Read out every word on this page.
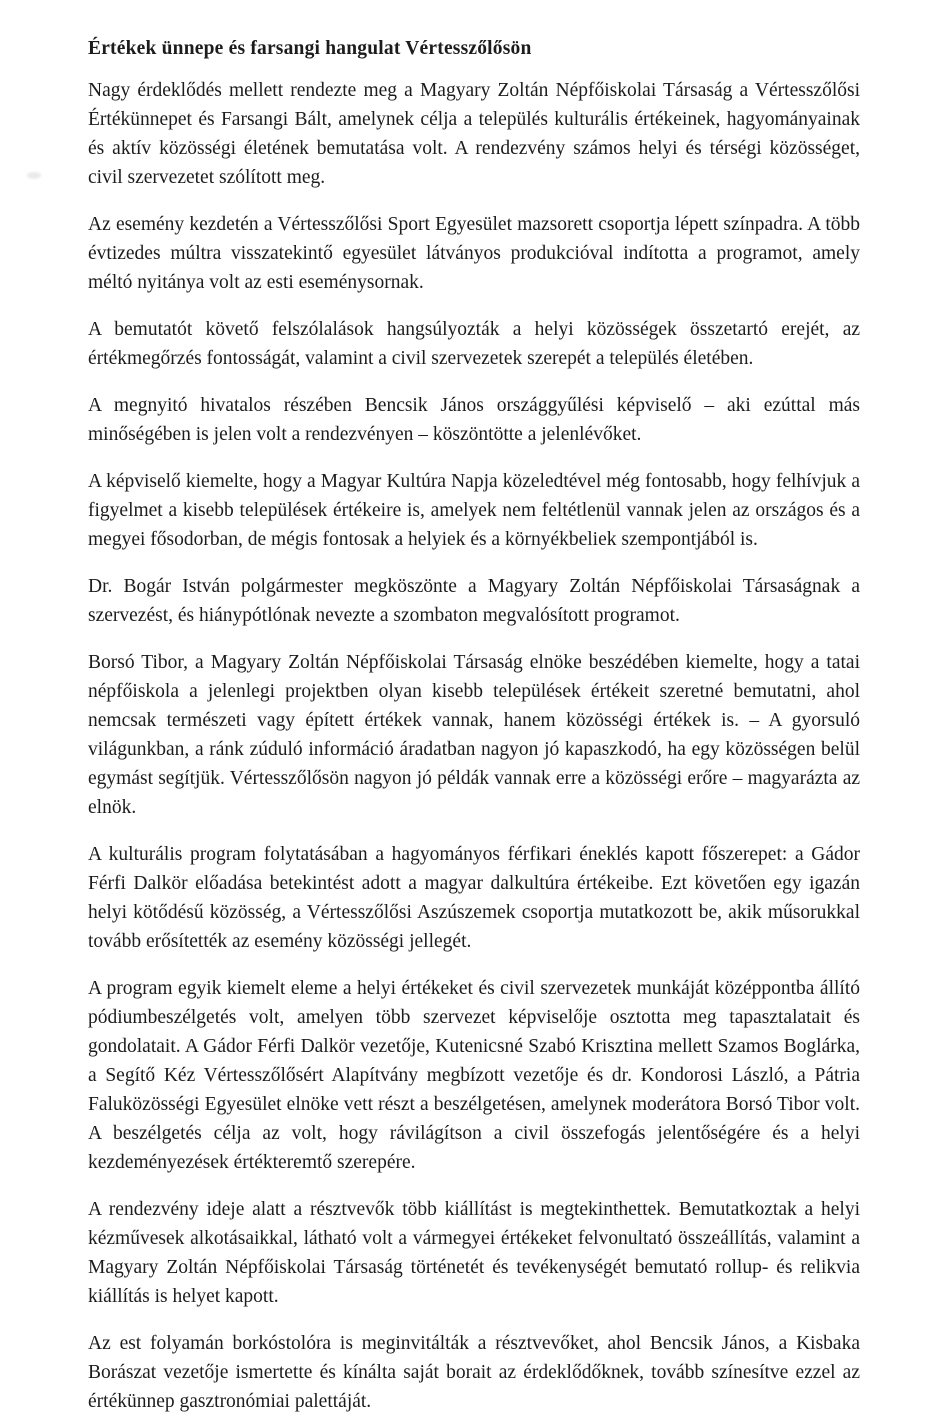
Értékek ünnepe és farsangi hangulat Vértesszőlősön

Nagy érdeklődés mellett rendezte meg a Magyary Zoltán Népfőiskolai Társaság a Vértesszőlősi Értékünnepet és Farsangi Bált, amelynek célja a település kulturális értékeinek, hagyományainak és aktív közösségi életének bemutatása volt. A rendezvény számos helyi és térségi közösséget, civil szervezetet szólított meg.

Az esemény kezdetén a Vértesszőlősi Sport Egyesület mazsorett csoportja lépett színpadra. A több évtizedes múltra visszatekintő egyesület látványos produkcióval indította a programot, amely méltó nyitánya volt az esti eseménysornak.

A bemutatót követő felszólalások hangsúlyozták a helyi közösségek összetartó erejét, az értékmegőrzés fontosságát, valamint a civil szervezetek szerepét a település életében.

A megnyitó hivatalos részében Bencsik János országgyűlési képviselő – aki ezúttal más minőségében is jelen volt a rendezvényen – köszöntötte a jelenlévőket.

A képviselő kiemelte, hogy a Magyar Kultúra Napja közeledtével még fontosabb, hogy felhívjuk a figyelmet a kisebb települések értékeire is, amelyek nem feltétlenül vannak jelen az országos és a megyei fősodorban, de mégis fontosak a helyiek és a környékbeliek szempontjából is.

Dr. Bogár István polgármester megköszönte a Magyary Zoltán Népfőiskolai Társaságnak a szervezést, és hiánypótlónak nevezte a szombaton megvalósított programot.

Borsó Tibor, a Magyary Zoltán Népfőiskolai Társaság elnöke beszédében kiemelte, hogy a tatai népfőiskola a jelenlegi projektben olyan kisebb települések értékeit szeretné bemutatni, ahol nemcsak természeti vagy épített értékek vannak, hanem közösségi értékek is. – A gyorsuló világunkban, a ránk zúduló információ áradatban nagyon jó kapaszkodó, ha egy közösségen belül egymást segítjük. Vértesszőlősön nagyon jó példák vannak erre a közösségi erőre – magyarázta az elnök.

A kulturális program folytatásában a hagyományos férfikari éneklés kapott főszerepet: a Gádor Férfi Dalkör előadása betekintést adott a magyar dalkultúra értékeibe. Ezt követően egy igazán helyi kötődésű közösség, a Vértesszőlősi Aszúszemek csoportja mutatkozott be, akik műsorukkal tovább erősítették az esemény közösségi jellegét.

A program egyik kiemelt eleme a helyi értékeket és civil szervezetek munkáját középpontba állító pódiumbeszélgetés volt, amelyen több szervezet képviselője osztotta meg tapasztalatait és gondolatait. A Gádor Férfi Dalkör vezetője, Kutenicsné Szabó Krisztina mellett Szamos Boglárka, a Segítő Kéz Vértesszőlősért Alapítvány megbízott vezetője és dr. Kondorosi László, a Pátria Faluközösségi Egyesület elnöke vett részt a beszélgetésen, amelynek moderátora Borsó Tibor volt. A beszélgetés célja az volt, hogy rávilágítson a civil összefogás jelentőségére és a helyi kezdeményezések értékteremtő szerepére.

A rendezvény ideje alatt a résztvevők több kiállítást is megtekinthettek. Bemutatkoztak a helyi kézművesek alkotásaikkal, látható volt a vármegyei értékeket felvonultató összeállítás, valamint a Magyary Zoltán Népfőiskolai Társaság történetét és tevékenységét bemutató rollup- és relikvia kiállítás is helyet kapott.

Az est folyamán borkóstolóra is meginvitálták a résztvevőket, ahol Bencsik János, a Kisbaka Borászat vezetője ismertette és kínálta saját borait az érdeklődőknek, tovább színesítve ezzel az értékünnep gasztronómiai palettáját.
